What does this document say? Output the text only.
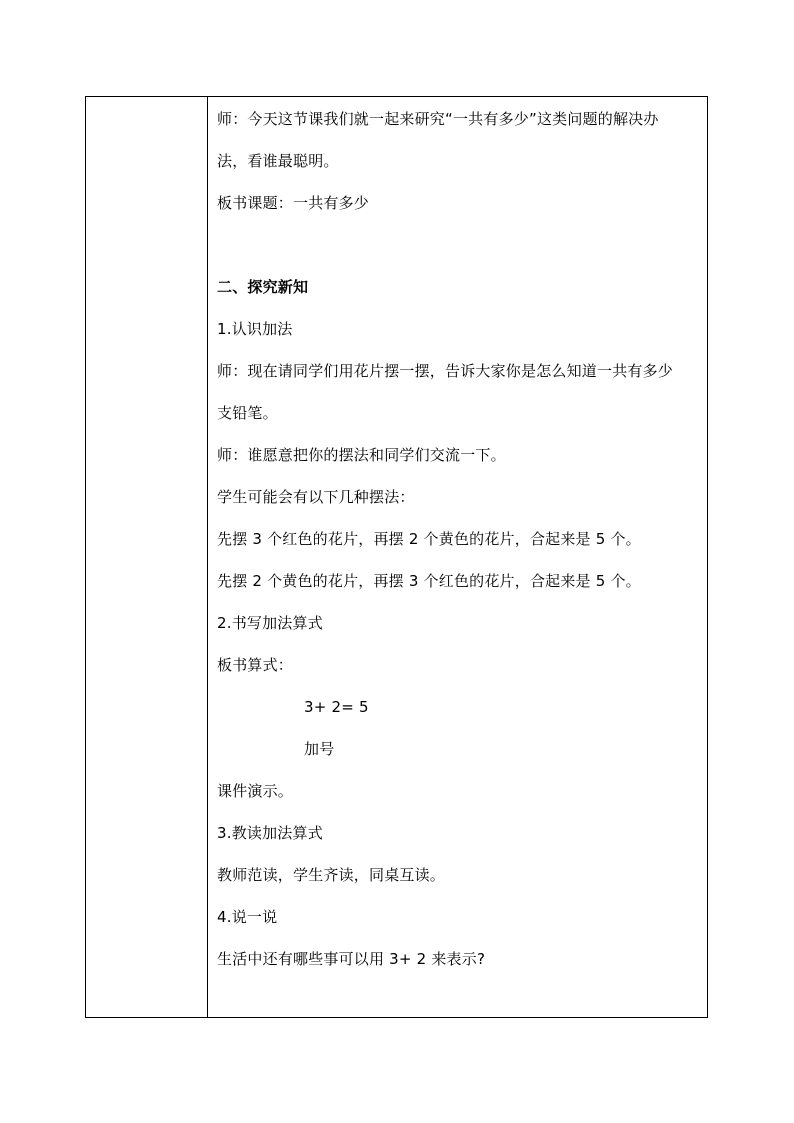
师：今天这节课我们就一起来研究“一共有多少”这类问题的解决办
法，看谁最聪明。
板书课题：一共有多少
二、探究新知
1.认识加法
师：现在请同学们用花片摆一摆，告诉大家你是怎么知道一共有多少
支铅笔。
师：谁愿意把你的摆法和同学们交流一下。
学生可能会有以下几种摆法：
先摆 3 个红色的花片，再摆 2 个黄色的花片，合起来是 5 个。
先摆 2 个黄色的花片，再摆 3 个红色的花片，合起来是 5 个。
2.书写加法算式
板书算式：
3+ 2= 5
加号
课件演示。
3.教读加法算式
教师范读，学生齐读，同桌互读。
4.说一说
生活中还有哪些事可以用 3+ 2 来表示?
